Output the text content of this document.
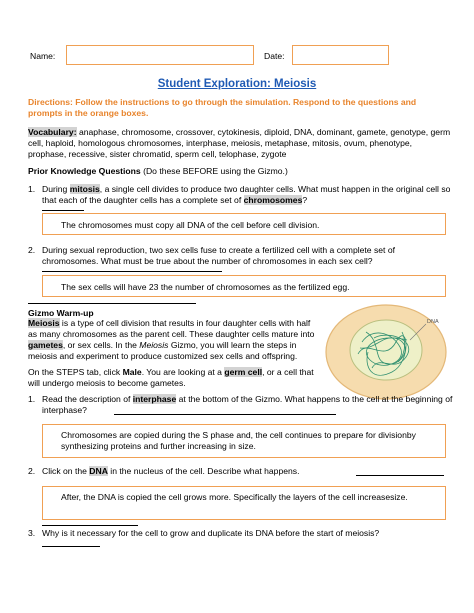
Name:	Date:
Student Exploration: Meiosis
Directions: Follow the instructions to go through the simulation. Respond to the questions and prompts in the orange boxes.
Vocabulary: anaphase, chromosome, crossover, cytokinesis, diploid, DNA, dominant, gamete, genotype, germ cell, haploid, homologous chromosomes, interphase, meiosis, metaphase, mitosis, ovum, phenotype, prophase, recessive, sister chromatid, sperm cell, telophase, zygote
Prior Knowledge Questions (Do these BEFORE using the Gizmo.)
1. During mitosis, a single cell divides to produce two daughter cells. What must happen in the original cell so that each of the daughter cells has a complete set of chromosomes?
The chromosomes must copy all DNA of the cell before cell division.
2. During sexual reproduction, two sex cells fuse to create a fertilized cell with a complete set of chromosomes. What must be true about the number of chromosomes in each sex cell?
The sex cells will have 23 the number of chromosomes as the fertilized egg.
Gizmo Warm-up
Meiosis is a type of cell division that results in four daughter cells with half as many chromosomes as the parent cell. These daughter cells mature into gametes, or sex cells. In the Meiosis Gizmo, you will learn the steps in meiosis and experiment to produce customized sex cells and offspring.
On the STEPS tab, click Male. You are looking at a germ cell, or a cell that will undergo meiosis to become gametes.
DNA
1. Read the description of interphase at the bottom of the Gizmo. What happens to the cell at the beginning of interphase?
Chromosomes are copied during the S phase and, the cell continues to prepare for divisionby synthesizing proteins and further increasing in size.
2. Click on the DNA in the nucleus of the cell. Describe what happens.
After, the DNA is copied the cell grows more. Specifically the layers of the cell increasesize.
3. Why is it necessary for the cell to grow and duplicate its DNA before the start of meiosis?
